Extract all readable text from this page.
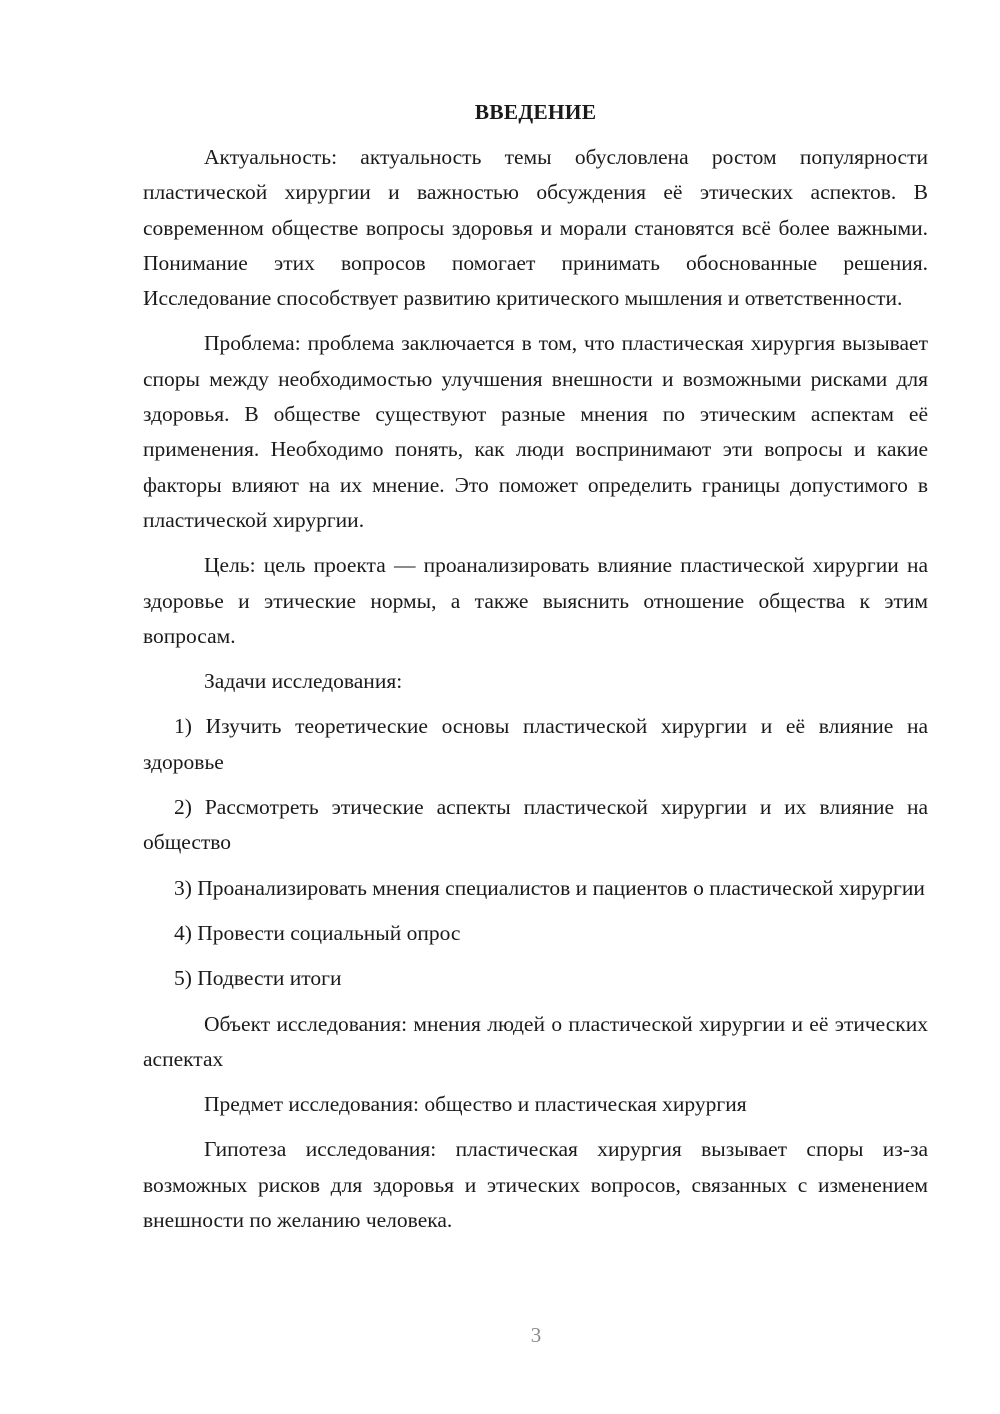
ВВЕДЕНИЕ

Актуальность: актуальность темы обусловлена ростом популярности пластической хирургии и важностью обсуждения её этических аспектов. В современном обществе вопросы здоровья и морали становятся всё более важными. Понимание этих вопросов помогает принимать обоснованные решения. Исследование способствует развитию критического мышления и ответственности.

Проблема: проблема заключается в том, что пластическая хирургия вызывает споры между необходимостью улучшения внешности и возможными рисками для здоровья. В обществе существуют разные мнения по этическим аспектам её применения. Необходимо понять, как люди воспринимают эти вопросы и какие факторы влияют на их мнение. Это поможет определить границы допустимого в пластической хирургии.

Цель: цель проекта — проанализировать влияние пластической хирургии на здоровье и этические нормы, а также выяснить отношение общества к этим вопросам.

Задачи исследования:

1) Изучить теоретические основы пластической хирургии и её влияние на здоровье

2) Рассмотреть этические аспекты пластической хирургии и их влияние на общество

3) Проанализировать мнения специалистов и пациентов о пластической хирургии

4) Провести социальный опрос

5) Подвести итоги

Объект исследования: мнения людей о пластической хирургии и её этических аспектах

Предмет исследования: общество и пластическая хирургия

Гипотеза исследования: пластическая хирургия вызывает споры из-за возможных рисков для здоровья и этических вопросов, связанных с изменением внешности по желанию человека.

3
